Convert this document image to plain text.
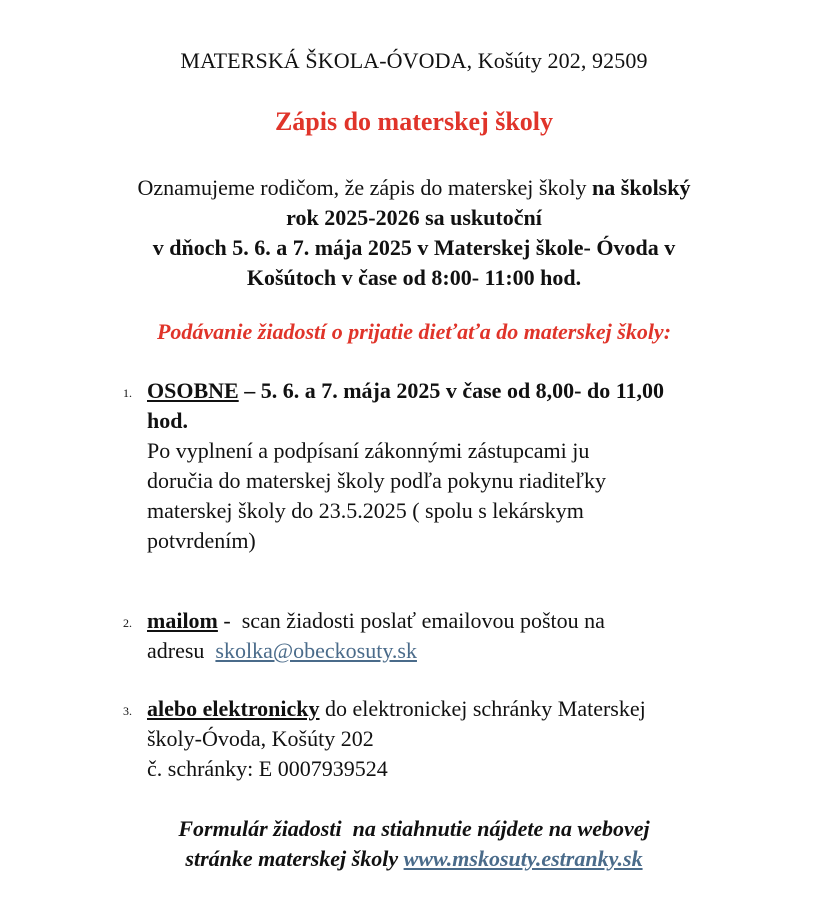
MATERSKÁ ŠKOLA-ÓVODA, Košúty 202, 92509
Zápis do materskej školy
Oznamujeme rodičom, že zápis do materskej školy na školský
rok 2025-2026 sa uskutoční
v dňoch 5. 6. a 7. mája 2025 v Materskej škole- Óvoda v
Košútoch v čase od 8:00- 11:00 hod.
Podávanie žiadostí o prijatie dieťaťa do materskej školy:
1. OSOBNE – 5. 6. a 7. mája 2025 v čase od 8,00- do 11,00
hod.
Po vyplnení a podpísaní zákonnými zástupcami ju
doručia do materskej školy podľa pokynu riaditeľky
materskej školy do 23.5.2025 ( spolu s lekárskym
potvrdením)
2. mailom -  scan žiadosti poslať emailovou poštou na
adresu  skolka@obeckosuty.sk
3. alebo elektronicky do elektronickej schránky Materskej
školy-Óvoda, Košúty 202
č. schránky: E 0007939524
Formulár žiadosti  na stiahnutie nájdete na webovej
stránke materskej školy www.mskosuty.estranky.sk
